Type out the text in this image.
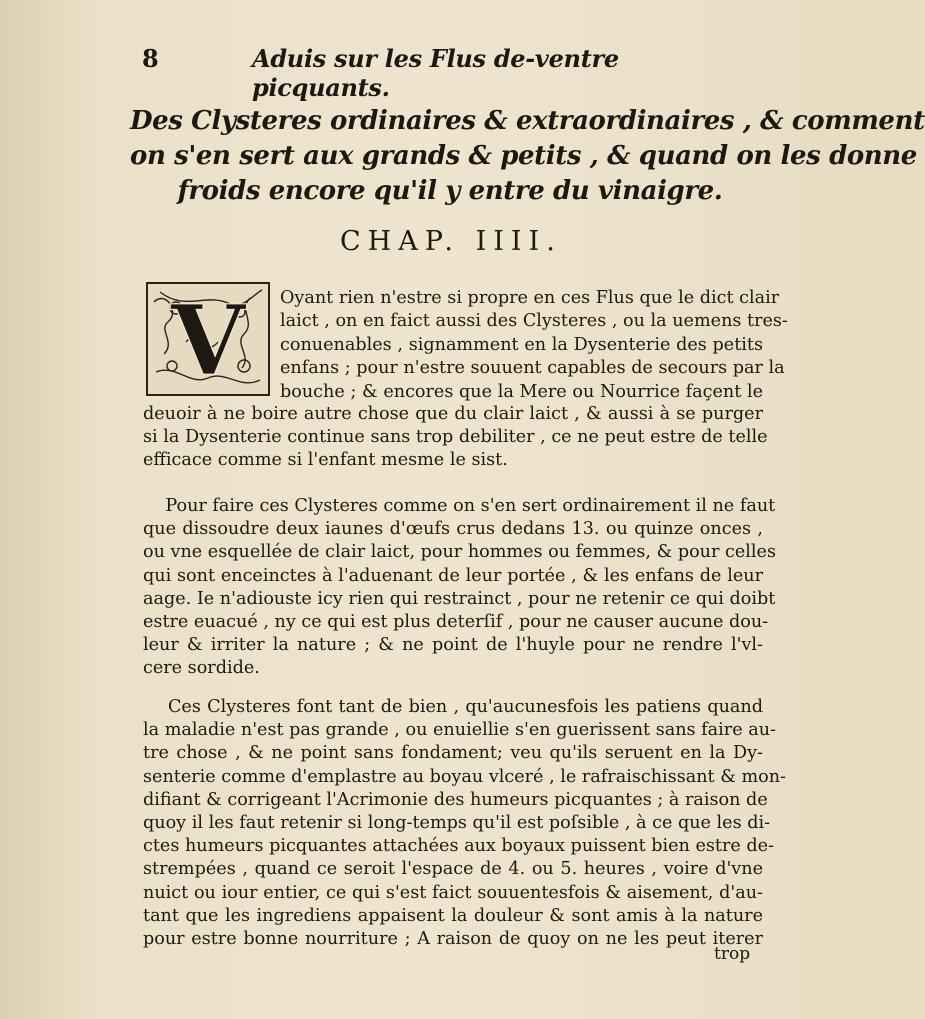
8	Aduis sur les Flus de-ventre picquants.
Des Clysteres ordinaires & extraordinaires , & comment
on s'en sert aux grands & petits , & quand on les donne
froids encore qu'il y entre du vinaigre.
CHAP. IIII.
V Oyant rien n'estre si propre en ces Flus que le dict clair
laict , on en faict aussi des Clysteres , ou la uemens tres-
conuenables , signamment en la Dysenterie des petits
enfans ; pour n'estre souuent capables de secours par la
bouche ; & encores que la Mere ou Nourrice façent le
deuoir à ne boire autre chose que du clair laict , & aussi à se purger
si la Dysenterie continue sans trop debiliter , ce ne peut estre de telle
efficace comme si l'enfant mesme le sist.
Pour faire ces Clysteres comme on s'en sert ordinairement il ne faut
que dissoudre deux iaunes d'œufs crus dedans 13. ou quinze onces ,
ou vne esquellée de clair laict, pour hommes ou femmes, & pour celles
qui sont enceinctes à l'aduenant de leur portée , & les enfans de leur
aage. Ie n'adiouste icy rien qui restrainct , pour ne retenir ce qui doibt
estre euacué , ny ce qui est plus deterſif , pour ne causer aucune dou-
leur & irriter la nature ; & ne point de l'huyle pour ne rendre l'vl-
cere sordide.
Ces Clysteres font tant de bien , qu'aucunesfois les patiens quand
la maladie n'est pas grande , ou enuiellie s'en guerissent sans faire au-
tre chose , & ne point sans fondament; veu qu'ils seruent en la Dy-
senterie comme d'emplastre au boyau vlceré , le rafraischissant & mon-
difiant & corrigeant l'Acrimonie des humeurs picquantes ; à raison de
quoy il les faut retenir si long-temps qu'il est poſsible , à ce que les di-
ctes humeurs picquantes attachées aux boyaux puissent bien estre de-
strempées , quand ce seroit l'espace de 4. ou 5. heures , voire d'vne
nuict ou iour entier, ce qui s'est faict souuentesfois & aisement, d'au-
tant que les ingrediens appaisent la douleur & sont amis à la nature
pour estre bonne nourriture ; A raison de quoy on ne les peut iterer
trop
